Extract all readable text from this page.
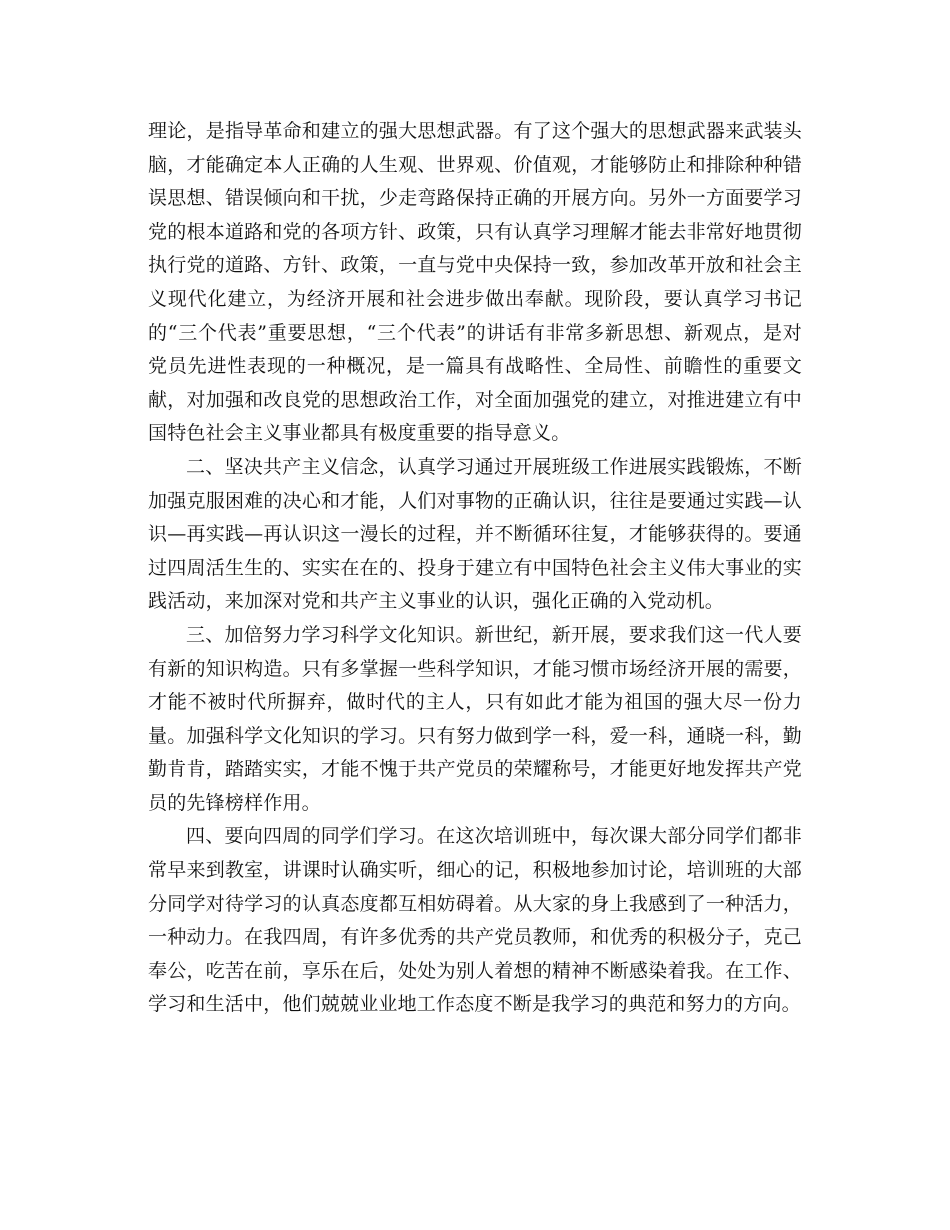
理论，是指导革命和建立的强大思想武器。有了这个强大的思想武器来武装头脑，才能确定本人正确的人生观、世界观、价值观，才能够防止和排除种种错误思想、错误倾向和干扰，少走弯路保持正确的开展方向。另外一方面要学习党的根本道路和党的各项方针、政策，只有认真学习理解才能去非常好地贯彻执行党的道路、方针、政策，一直与党中央保持一致，参加改革开放和社会主义现代化建立，为经济开展和社会进步做出奉献。现阶段，要认真学习书记的“三个代表”重要思想，“三个代表”的讲话有非常多新思想、新观点，是对党员先进性表现的一种概况，是一篇具有战略性、全局性、前瞻性的重要文献，对加强和改良党的思想政治工作，对全面加强党的建立，对推进建立有中国特色社会主义事业都具有极度重要的指导意义。

二、坚决共产主义信念，认真学习通过开展班级工作进展实践锻炼，不断加强克服困难的决心和才能，人们对事物的正确认识，往往是要通过实践—认识—再实践—再认识这一漫长的过程，并不断循环往复，才能够获得的。要通过四周活生生的、实实在在的、投身于建立有中国特色社会主义伟大事业的实践活动，来加深对党和共产主义事业的认识，强化正确的入党动机。

三、加倍努力学习科学文化知识。新世纪，新开展，要求我们这一代人要有新的知识构造。只有多掌握一些科学知识，才能习惯市场经济开展的需要，才能不被时代所摒弃，做时代的主人，只有如此才能为祖国的强大尽一份力量。加强科学文化知识的学习。只有努力做到学一科，爱一科，通晓一科，勤勤肯肯，踏踏实实，才能不愧于共产党员的荣耀称号，才能更好地发挥共产党员的先锋榜样作用。

四、要向四周的同学们学习。在这次培训班中，每次课大部分同学们都非常早来到教室，讲课时认确实听，细心的记，积极地参加讨论，培训班的大部分同学对待学习的认真态度都互相妨碍着。从大家的身上我感到了一种活力，一种动力。在我四周，有许多优秀的共产党员教师，和优秀的积极分子，克己奉公，吃苦在前，享乐在后，处处为别人着想的精神不断感染着我。在工作、学习和生活中，他们兢兢业业地工作态度不断是我学习的典范和努力的方向。
